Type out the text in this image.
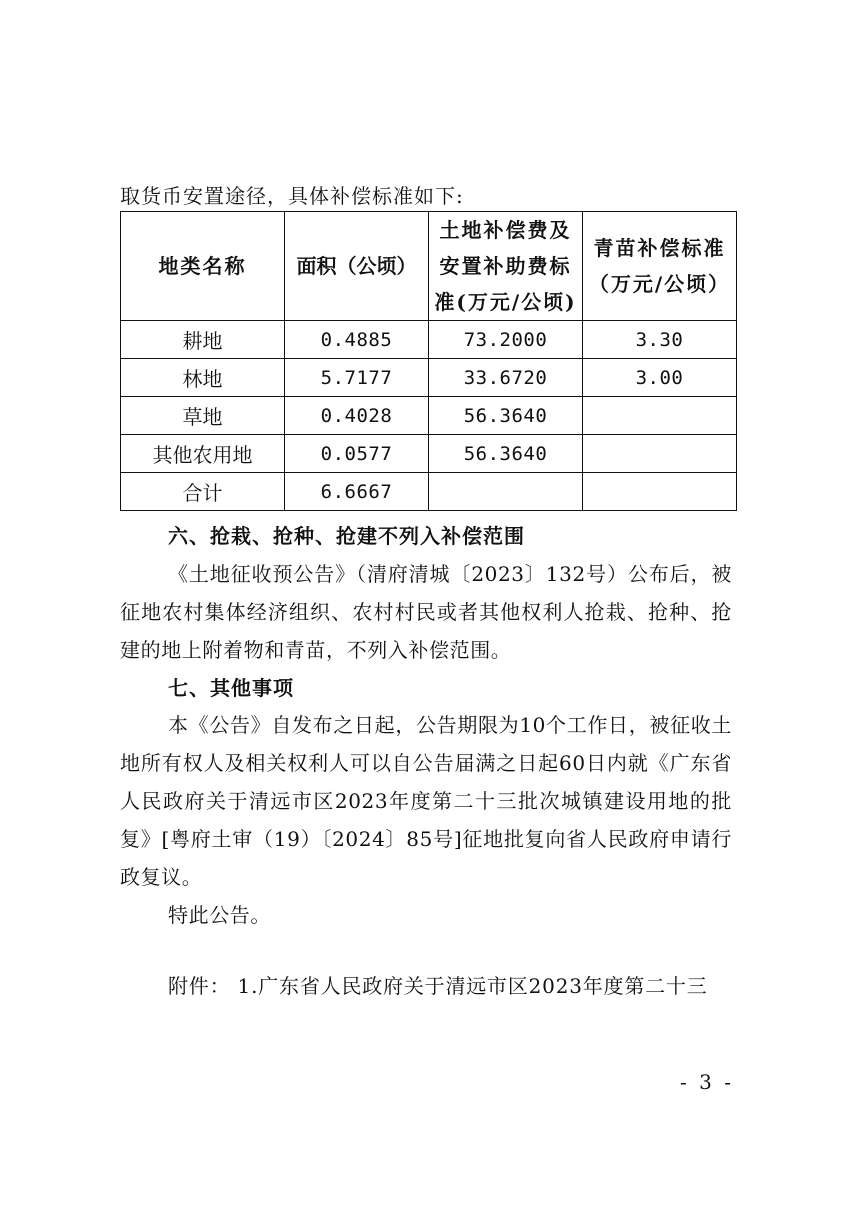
取货币安置途径，具体补偿标准如下:
地类名称	面积（公顷）	土地补偿费及安置补助费标准(万元/公顷)	青苗补偿标准（万元/公顷）
耕地	0.4885	73.2000	3.30
林地	5.7177	33.6720	3.00
草地	0.4028	56.3640	
其他农用地	0.0577	56.3640	
合计	6.6667		
六、抢栽、抢种、抢建不列入补偿范围

《土地征收预公告》（清府清城〔2023〕132号）公布后，被征地农村集体经济组织、农村村民或者其他权利人抢栽、抢种、抢建的地上附着物和青苗，不列入补偿范围。

七、其他事项

本《公告》自发布之日起，公告期限为10个工作日，被征收土地所有权人及相关权利人可以自公告届满之日起60日内就《广东省人民政府关于清远市区2023年度第二十三批次城镇建设用地的批复》[粤府土审（19）〔2024〕85号]征地批复向省人民政府申请行政复议。

特此公告。

附件： 1.广东省人民政府关于清远市区2023年度第二十三
- 3 -
